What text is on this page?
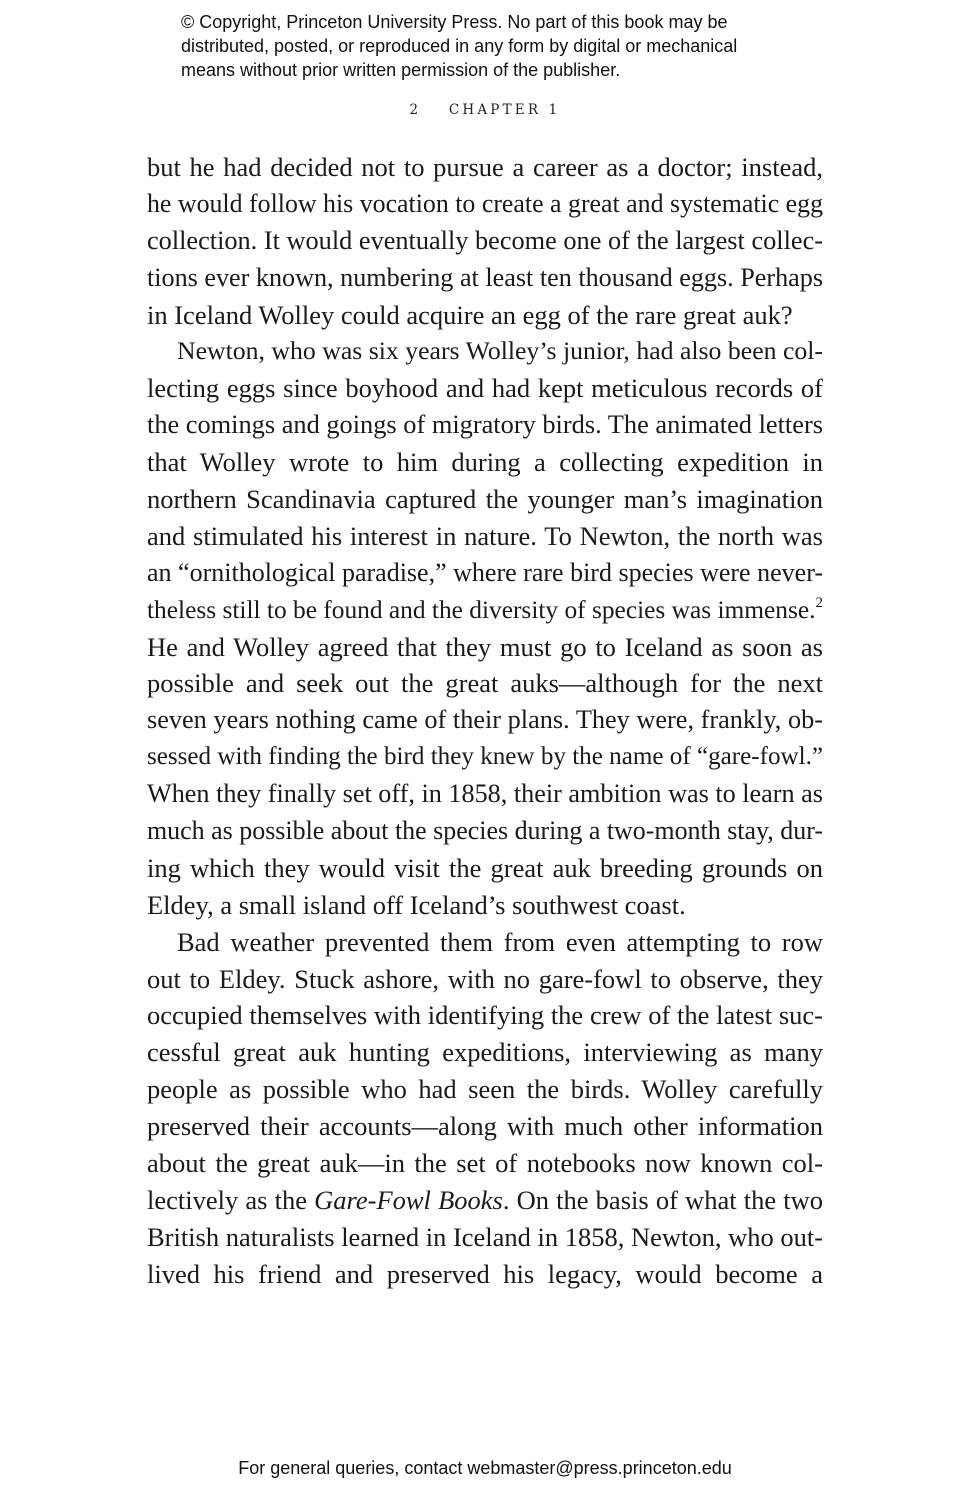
© Copyright, Princeton University Press. No part of this book may be
distributed, posted, or reproduced in any form by digital or mechanical
means without prior written permission of the publisher.
2 CHAPTER 1
but he had decided not to pursue a career as a doctor; instead,
he would follow his vocation to create a great and systematic egg
collection. It would eventually become one of the largest collec-
tions ever known, numbering at least ten thousand eggs. Perhaps
in Iceland Wolley could acquire an egg of the rare great auk?
Newton, who was six years Wolley’s junior, had also been col-
lecting eggs since boyhood and had kept meticulous records of
the comings and goings of migratory birds. The animated letters
that Wolley wrote to him during a collecting expedition in
northern Scandinavia captured the younger man’s imagination
and stimulated his interest in nature. To Newton, the north was
an “ornithological paradise,” where rare bird species were never-
theless still to be found and the diversity of species was immense.$^2$
He and Wolley agreed that they must go to Iceland as soon as
possible and seek out the great auks—although for the next
seven years nothing came of their plans. They were, frankly, ob-
sessed with finding the bird they knew by the name of “gare-fowl.”
When they finally set off, in 1858, their ambition was to learn as
much as possible about the species during a two-month stay, dur-
ing which they would visit the great auk breeding grounds on
Eldey, a small island off Iceland’s southwest coast.
Bad weather prevented them from even attempting to row
out to Eldey. Stuck ashore, with no gare-fowl to observe, they
occupied themselves with identifying the crew of the latest suc-
cessful great auk hunting expeditions, interviewing as many
people as possible who had seen the birds. Wolley carefully
preserved their accounts—along with much other information
about the great auk—in the set of notebooks now known col-
lectively as the Gare-Fowl Books. On the basis of what the two
British naturalists learned in Iceland in 1858, Newton, who out-
lived his friend and preserved his legacy, would become a
For general queries, contact webmaster@press.princeton.edu
